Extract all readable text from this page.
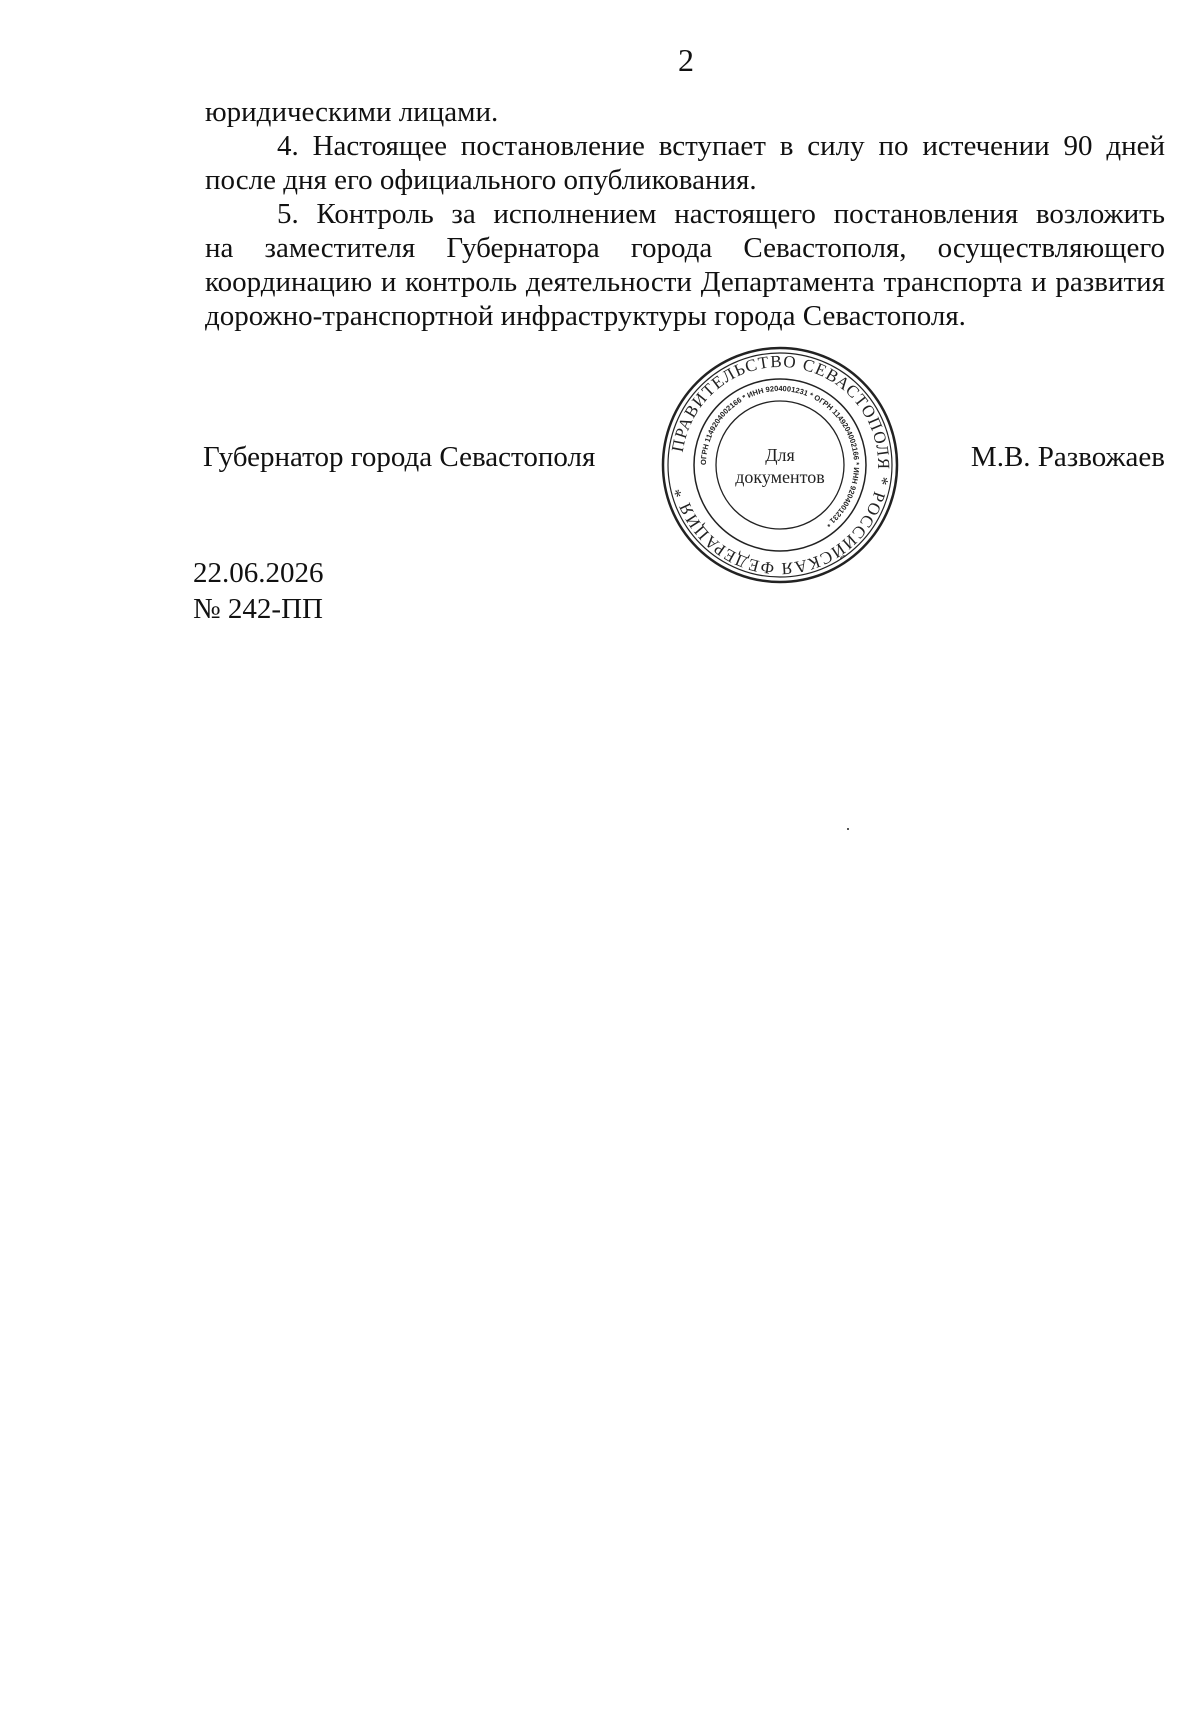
2

юридическими лицами.

4. Настоящее постановление вступает в силу по истечении 90 дней
после дня его официального опубликования.

5. Контроль за исполнением настоящего постановления возложить
на заместителя Губернатора города Севастополя, осуществляющего
координацию и контроль деятельности Департамента транспорта и развития
дорожно-транспортной инфраструктуры города Севастополя.

Губернатор города Севастополя	М.В. Развожаев
ПРАВИТЕЛЬСТВО СЕВАСТОПОЛЯ * РОССИЙСКАЯ ФЕДЕРАЦИЯ *
ОГРН 1149204002166 * ИНН 9204001231 * ОГРН 1149204002166 * ИНН 9204001231 *
Для
документов
22.06.2026
№ 242-ПП
